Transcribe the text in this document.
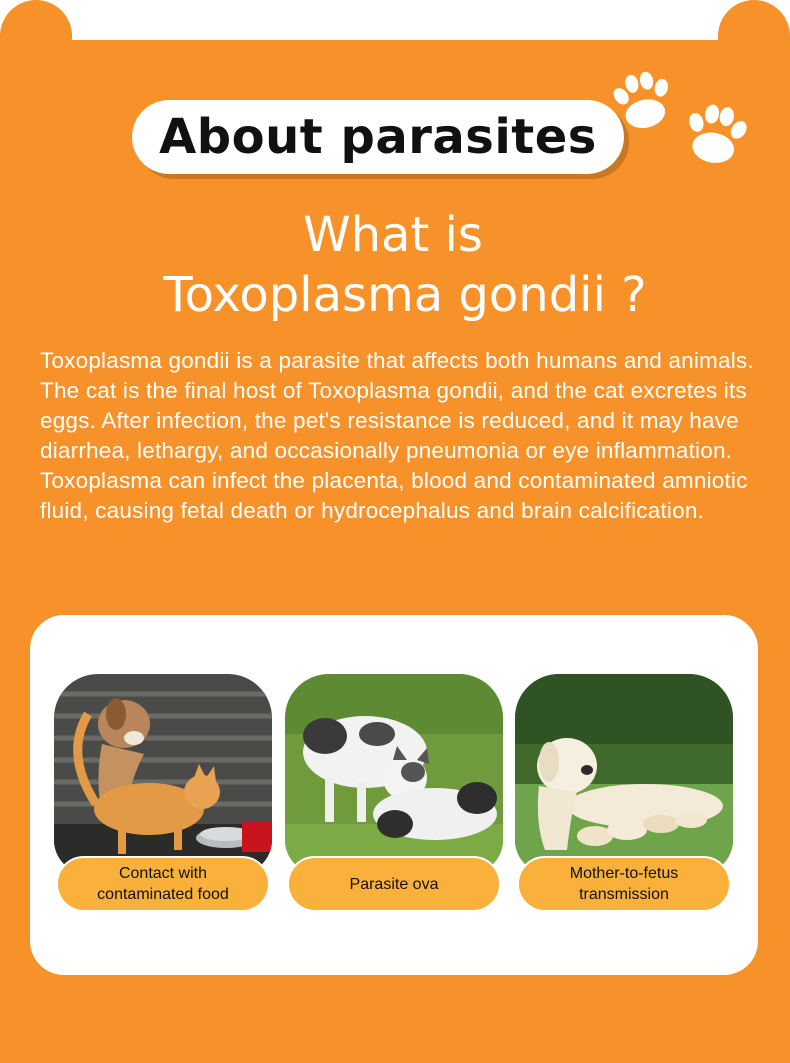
About parasites
What is
Toxoplasma gondii ?

Toxoplasma gondii is a parasite that affects both humans and animals. The cat is the final host of Toxoplasma gondii, and the cat excretes its eggs. After infection, the pet's resistance is reduced, and it may have diarrhea, lethargy, and occasionally pneumonia or eye inflammation.

Toxoplasma can infect the placenta, blood and contaminated amniotic fluid, causing fetal death or hydrocephalus and brain calcification.

Contact with
contaminated food
Parasite ova
Mother-to-fetus
transmission
